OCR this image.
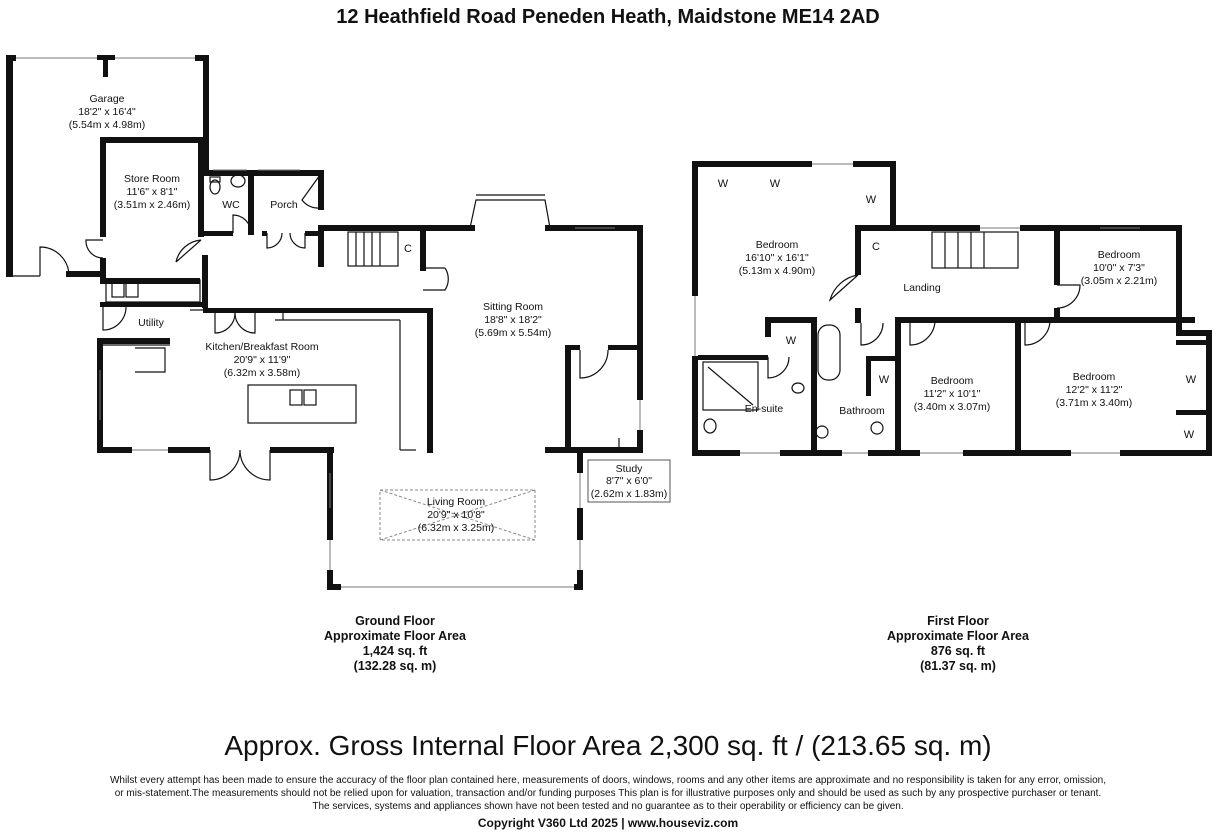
12 Heathfield Road Peneden Heath, Maidstone ME14 2AD
Garage
18'2" x 16'4"
(5.54m x 4.98m)
Store Room
11'6" x 8'1"
(3.51m x 2.46m)	WC	Porch
Utility
Kitchen/Breakfast Room
20'9" x 11'9"
(6.32m x 3.58m)
Sitting Room
18'8" x 18'2"
(5.69m x 5.54m)
Living Room
20'9" x 10'8"
(6.32m x 3.25m)
Study
8'7" x 6'0"
(2.62m x 1.83m)
C	Bedroom
16'10" x 16'1"
(5.13m x 4.90m)
Bedroom
10'0" x 7'3"
(3.05m x 2.21m)
Bedroom
11'2" x 10'1"
(3.40m x 3.07m)
Bedroom
12'2" x 11'2"
(3.71m x 3.40m)
Landing
En-suite	Bathroom
W	W
W
W
W	W
W
C
Ground Floor
Approximate Floor Area
1,424 sq. ft
(132.28 sq. m)
First Floor
Approximate Floor Area
876 sq. ft
(81.37 sq. m)
Approx. Gross Internal Floor Area 2,300 sq. ft / (213.65 sq. m)
Whilst every attempt has been made to ensure the accuracy of the floor plan contained here, measurements of doors, windows, rooms and any other items are approximate and no responsibility is taken for any error, omission,
or mis-statement.The measurements should not be relied upon for valuation, transaction and/or funding purposes This plan is for illustrative purposes only and should be used as such by any prospective purchaser or tenant.
The services, systems and appliances shown have not been tested and no guarantee as to their operability or efficiency can be given.
Copyright V360 Ltd 2025 | www.houseviz.com
